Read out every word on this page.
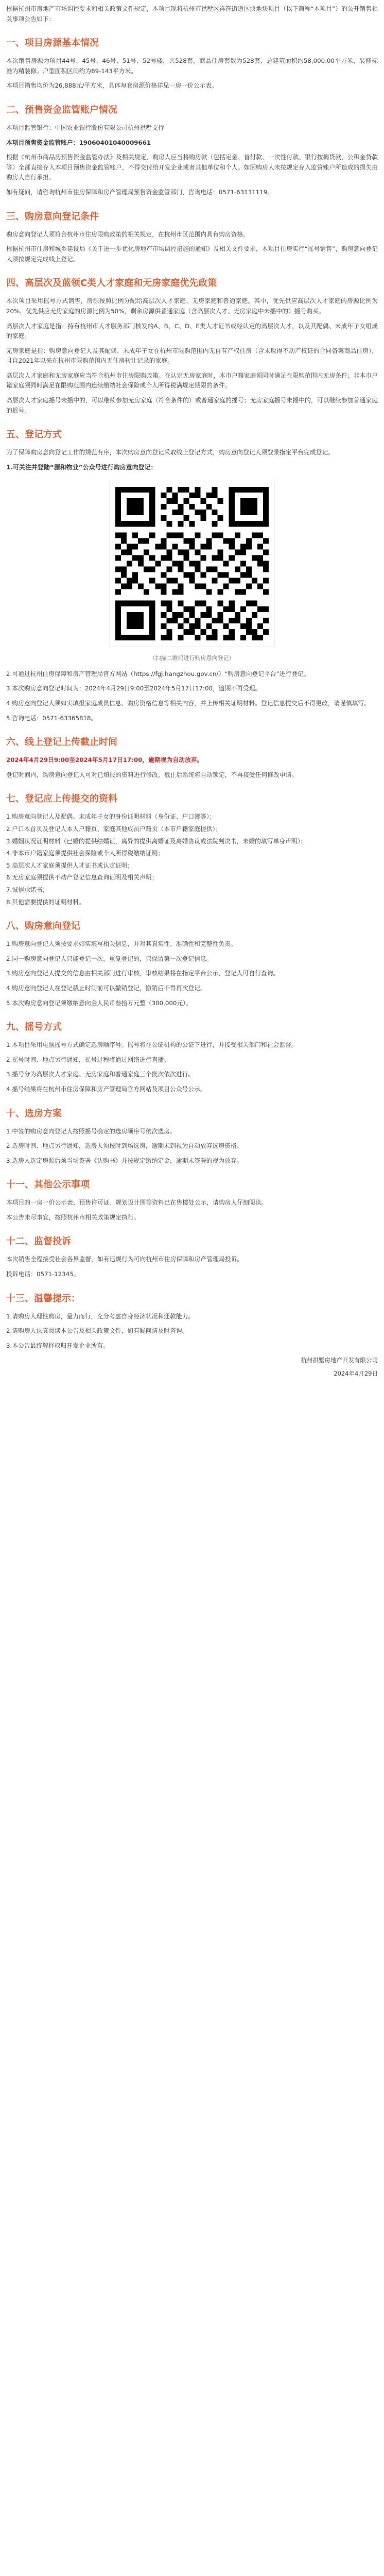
根据杭州市房地产市场调控要求和相关政策文件规定，本项目现将杭州市拱墅区祥符街道区块地块项目（以下简称“本项目”）的公开销售相关事项公告如下：

一、项目房源基本情况

本次销售房源为项目44号、45号、46号、51号、52号楼，共528套，商品住房套数为528套，总建筑面积约58,000.00平方米，装修标准为精装修。户型面积区间约为89-143平方米。

本项目销售均价为26,888元/平方米，具体每套房源价格详见一房一价公示表。

二、预售资金监管账户情况

本项目监管银行：中国农业银行股份有限公司杭州拱墅支行

本项目预售资金监管账户：19060401040009661

根据《杭州市商品房预售资金监管办法》及相关规定，购房人应当将购房款（包括定金、首付款、一次性付款、银行按揭贷款、公积金贷款等）全部直接存入本项目预售资金监管账户，不得交付给开发企业或者其他单位和个人。如因购房人未按规定存入监管账户所造成的损失由购房人自行承担。

如有疑问，请咨询杭州市住房保障和房产管理局预售资金监管部门，咨询电话：0571-63131119。

三、购房意向登记条件

购房意向登记人须符合杭州市住房限购政策的相关规定，在杭州市区范围内具有购房资格。

根据杭州市住房和城乡建设局《关于进一步优化房地产市场调控措施的通知》及相关文件要求，本项目住房实行“摇号销售”，购房意向登记人须按规定完成线上登记。

四、高层次及蓝领C类人才家庭和无房家庭优先政策

本次项目采用摇号方式销售，房源按照比例分配给高层次人才家庭、无房家庭和普通家庭。其中，优先供应高层次人才家庭的房源比例为20%，优先供应无房家庭的房源比例为50%，剩余房源供普通家庭（含高层次人才、无房家庭中未摇中的）摇号购买。

高层次人才家庭是指：持有杭州市人才服务部门核发的A、B、C、D、E类人才证书或经认定的高层次人才，以及其配偶、未成年子女组成的家庭。

无房家庭是指：购房意向登记人及其配偶、未成年子女在杭州市限购范围内无自有产权住房（含未取得不动产权证的合同备案商品住房），且自2021年以来在杭州市限购范围内无住房转让记录的家庭。

高层次人才家庭和无房家庭应当符合杭州市住房限购政策。在认定无房家庭时，本市户籍家庭须同时满足在限购范围内无房条件；非本市户籍家庭须同时满足在限购范围内连续缴纳社会保险或个人所得税满规定期限的条件。

高层次人才家庭摇号未摇中的，可以继续参加无房家庭（符合条件的）或普通家庭的摇号；无房家庭摇号未摇中的，可以继续参加普通家庭的摇号。

五、登记方式

为了保障购房意向登记工作的规范有序，本次购房意向登记采取线上登记方式，购房意向登记人须登录指定平台完成登记。

1.可关注并登陆“源和物业”公众号进行购房意向登记：
（扫描二维码进行购房意向登记）

2.可通过杭州住房保障和房产管理局官方网站（https://fgj.hangzhou.gov.cn/）“购房意向登记平台”进行登记。

3.本次购房意向登记时间为：2024年4月29日9:00至2024年5月17日17:00，逾期不再受理。

4.购房意向登记人须如实填报家庭成员信息、购房资格信息等相关内容，并上传相关证明材料。登记信息提交后不得更改，请谨慎填写。

5.咨询电话：0571-63365818。

六、线上登记上传截止时间

2024年4月29日9:00至2024年5月17日17:00，逾期视为自动放弃。

登记时间内，购房意向登记人可对已填报的资料进行修改，截止后系统将自动锁定，不再接受任何修改申请。

七、登记应上传提交的资料
1.购房意向登记人及配偶、未成年子女的身份证明材料（身份证、户口簿等）；
2.户口本首页及登记人本人户籍页、家庭其他成员户籍页（本市户籍家庭提供）；
3.婚姻状况证明材料（已婚的提供结婚证，离异的提供离婚证及离婚协议或法院判决书，未婚的填写单身声明）；
4.非本市户籍家庭须提供社会保险或个人所得税缴纳证明；
5.高层次人才家庭须提供人才证书或认定证明；
6.无房家庭须提供不动产登记信息查询证明及相关声明；
7.诚信承诺书；
8.其他需要提供的证明材料。
八、购房意向登记

1.购房意向登记人须按要求如实填写相关信息，并对其真实性、准确性和完整性负责。

2.同一购房意向登记人只能登记一次，重复登记的，只保留第一次登记信息。

3.购房意向登记人提交的信息由相关部门进行审核，审核结果将在指定平台公示，登记人可自行查询。

4.购房意向登记人在登记截止时间前可以撤销登记，撤销后不得再次登记。

5.本次购房意向登记须缴纳意向金人民币叁拾万元整（300,000元）。

九、摇号方式

1.本项目采用电脑摇号方式确定选房顺序号。摇号将在公证机构的公证下进行，并接受相关部门和社会监督。

2.摇号时间、地点另行通知，摇号过程将通过网络进行直播。

3.摇号分为高层次人才家庭、无房家庭和普通家庭三个批次依次进行。

4.摇号结果将在杭州市住房保障和房产管理局官方网站及项目公众号公示。

十、选房方案

1.中签的购房意向登记人按照摇号确定的选房顺序号依次选房。

2.选房时间、地点另行通知，选房人须按时到场选房，逾期未到视为自动放弃选房资格。

3.选房人选定房源后须当场签署《认购书》并按规定缴纳定金，逾期未签署的视为放弃。

十一、其他公示事项

本项目的一房一价公示表、预售许可证、规划设计图等资料已在售楼处公示，请购房人仔细阅读。

本公告未尽事宜，按照杭州市相关政策规定执行。

十二、监督投诉

本次销售全程接受社会各界监督，如有违规行为可向杭州市住房保障和房产管理局投诉。

投诉电话：0571-12345。

十三、温馨提示：

1.请购房人理性购房，量力而行，充分考虑自身经济状况和还款能力。

2.请购房人认真阅读本公告及相关政策文件，如有疑问请及时咨询。

3.本公告最终解释权归开发企业所有。

杭州拱墅房地产开发有限公司
2024年4月29日
